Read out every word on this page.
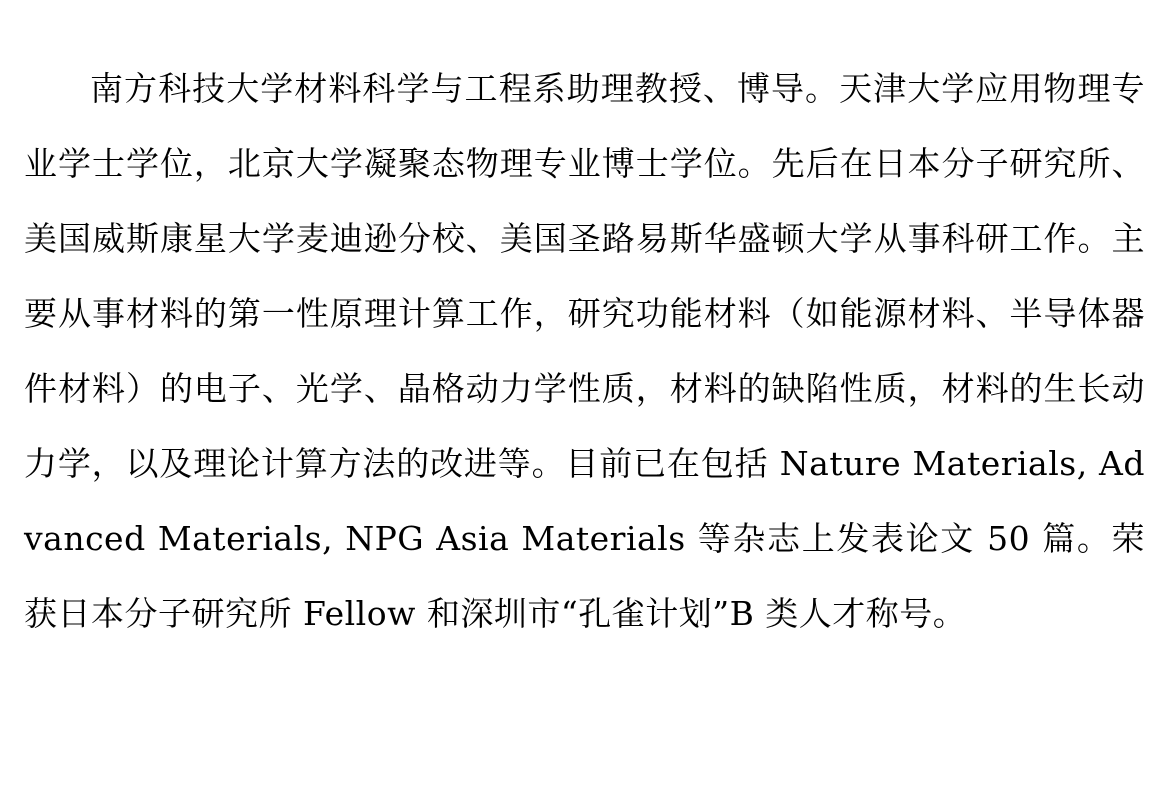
南方科技大学材料科学与工程系助理教授、博导。天津大学应用物理专业学士学位，北京大学凝聚态物理专业博士学位。先后在日本分子研究所、美国威斯康星大学麦迪逊分校、美国圣路易斯华盛顿大学从事科研工作。主要从事材料的第一性原理计算工作，研究功能材料（如能源材料、半导体器件材料）的电子、光学、晶格动力学性质，材料的缺陷性质，材料的生长动力学，以及理论计算方法的改进等。目前已在包括 Nature Materials, Advanced Materials, NPG Asia Materials 等杂志上发表论文 50 篇。荣获日本分子研究所 Fellow 和深圳市“孔雀计划”B 类人才称号。
